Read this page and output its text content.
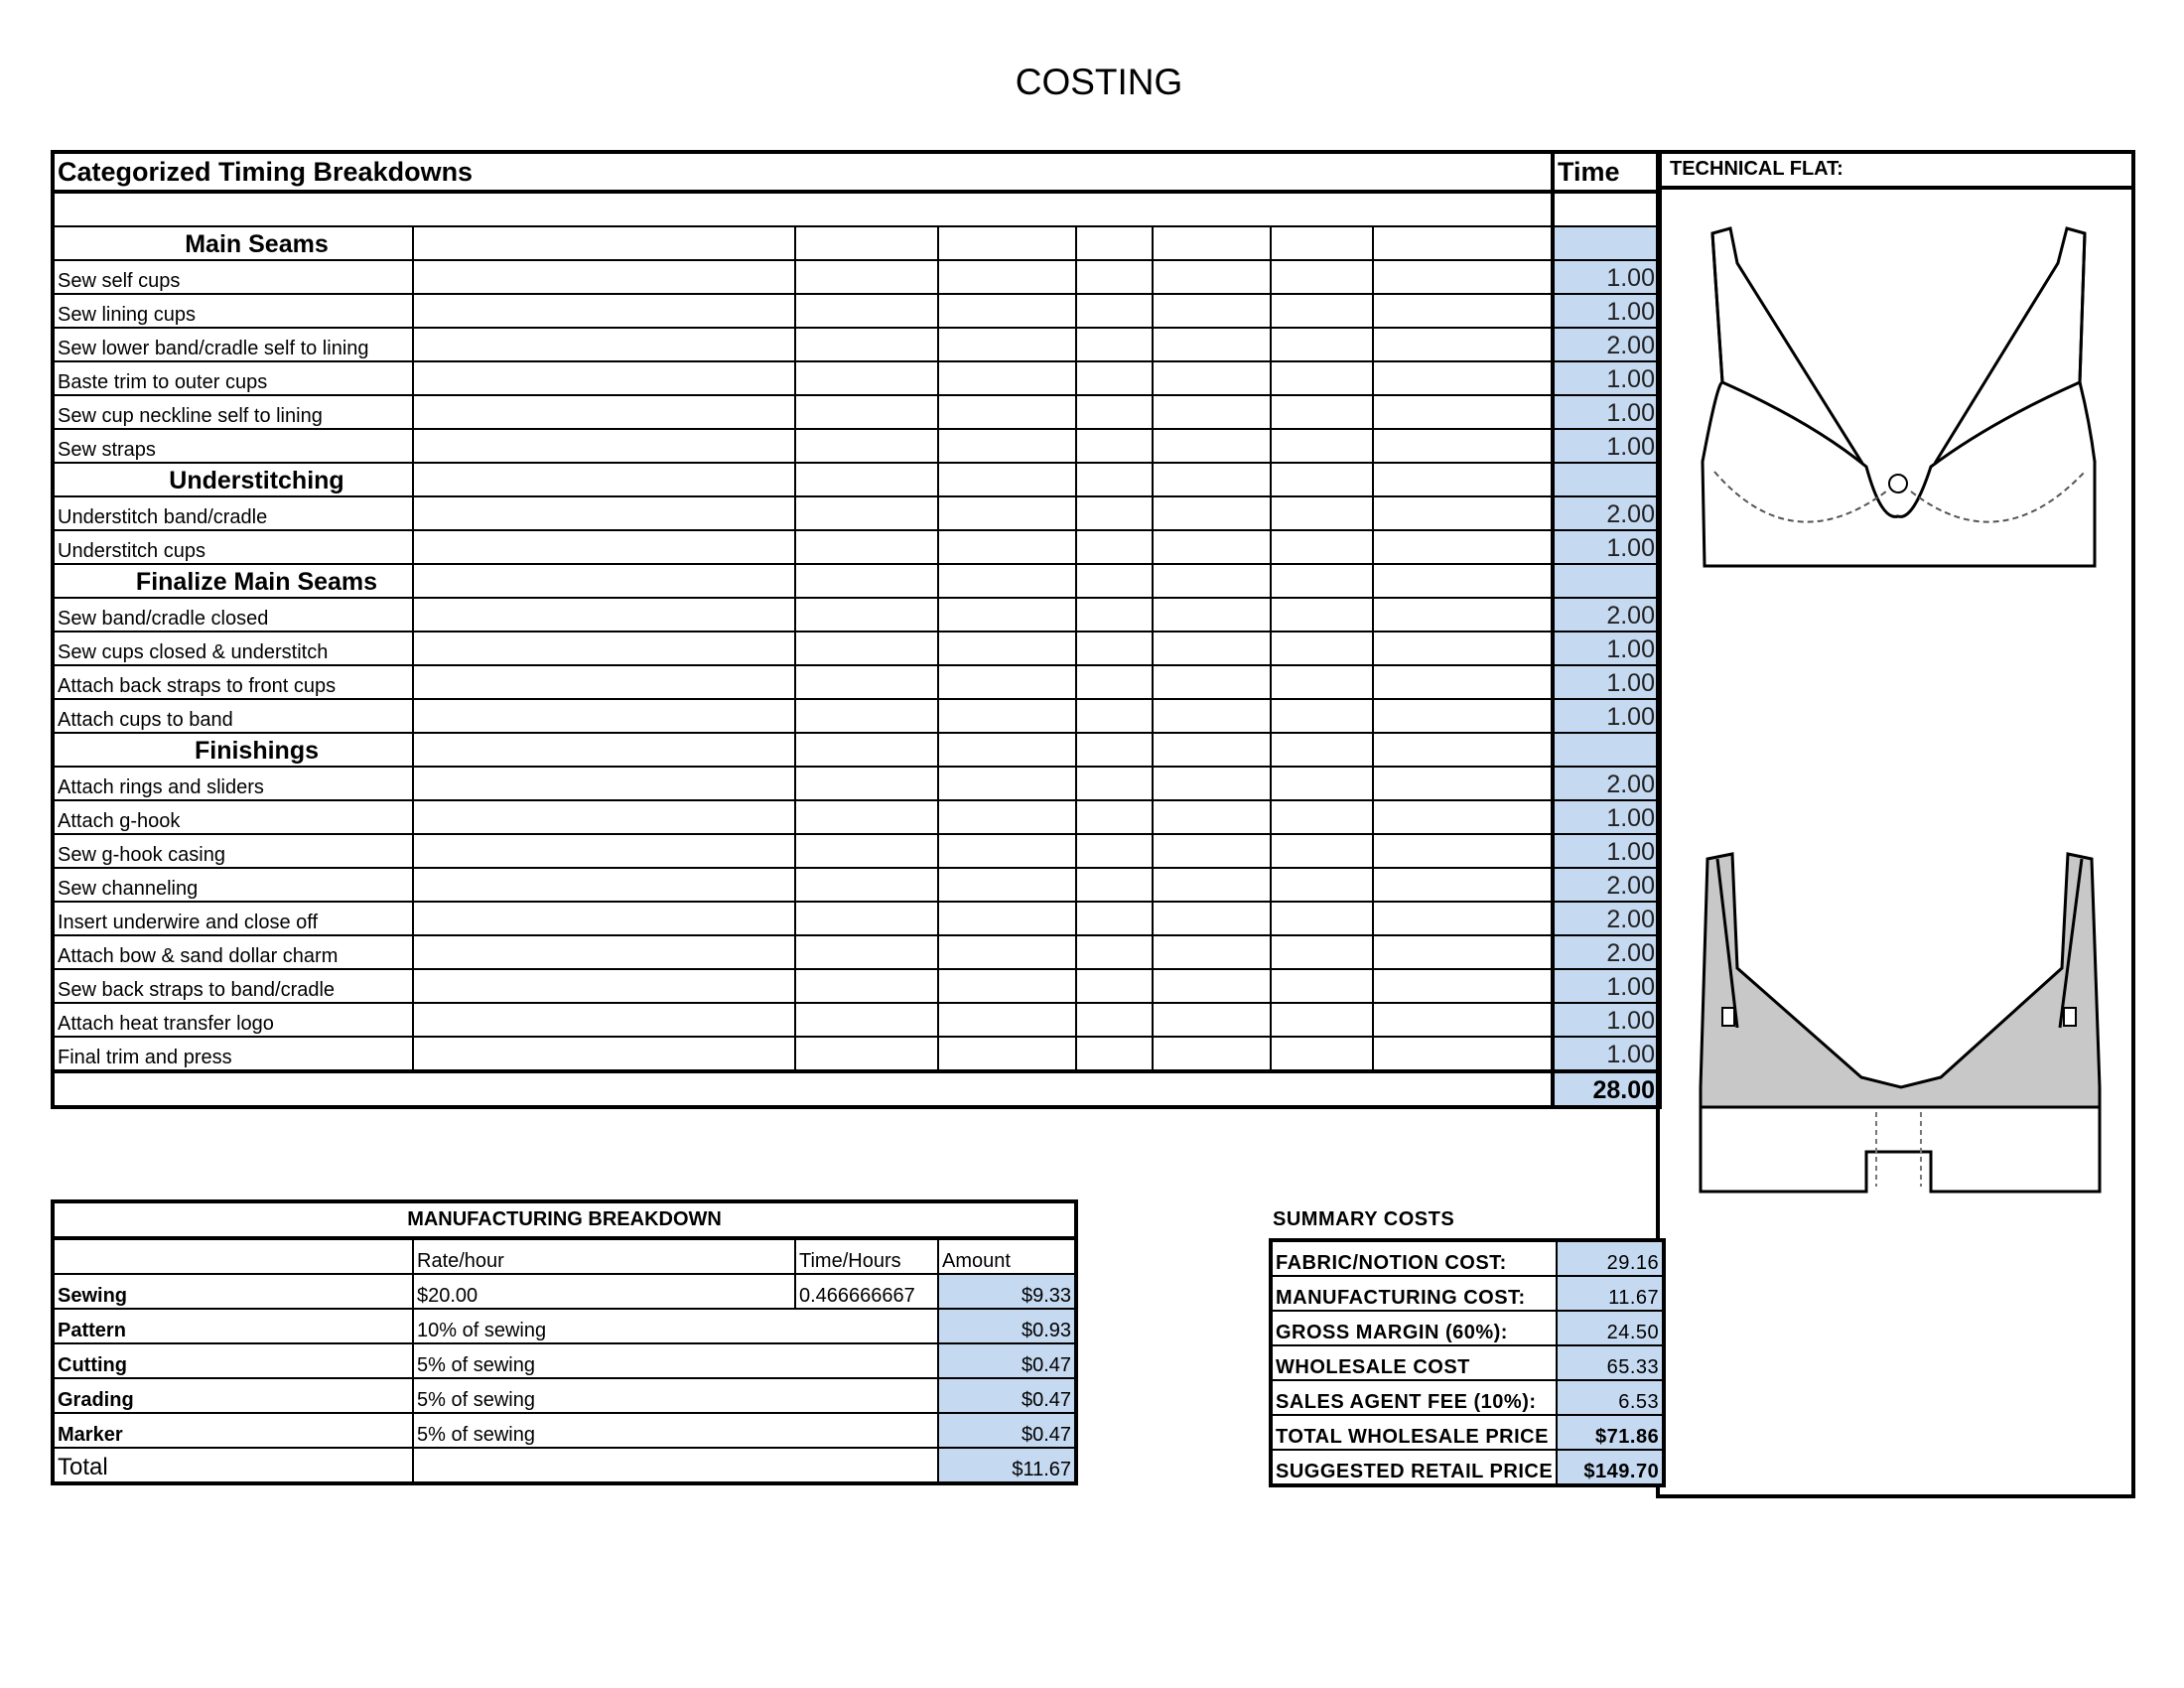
COSTING
Categorized Timing Breakdowns								Time

Main Seams								
Sew self cups								1.00
Sew lining cups								1.00
Sew lower band/cradle self to lining								2.00
Baste trim to outer cups								1.00
Sew cup neckline self to lining								1.00
Sew straps								1.00
Understitching								
Understitch band/cradle								2.00
Understitch cups								1.00
Finalize Main Seams								
Sew band/cradle closed								2.00
Sew cups closed & understitch								1.00
Attach back straps to front cups								1.00
Attach cups to band								1.00
Finishings								
Attach rings and sliders								2.00
Attach g-hook								1.00
Sew g-hook casing								1.00
Sew channeling								2.00
Insert underwire and close off								2.00
Attach bow & sand dollar charm								2.00
Sew back straps to band/cradle								1.00
Attach heat transfer logo								1.00
Final trim and press								1.00
								28.00
TECHNICAL FLAT:
MANUFACTURING BREAKDOWN			
	Rate/hour	Time/Hours	Amount
Sewing	$20.00	0.466666667	$9.33
Pattern	10% of sewing		$0.93
Cutting	5% of sewing		$0.47
Grading	5% of sewing		$0.47
Marker	5% of sewing		$0.47
Total			$11.67
SUMMARY COSTS
FABRIC/NOTION COST:	29.16
MANUFACTURING COST:	11.67
GROSS MARGIN (60%):	24.50
WHOLESALE COST	65.33
SALES AGENT FEE (10%):	6.53
TOTAL WHOLESALE PRICE	$71.86
SUGGESTED RETAIL PRICE	$149.70
